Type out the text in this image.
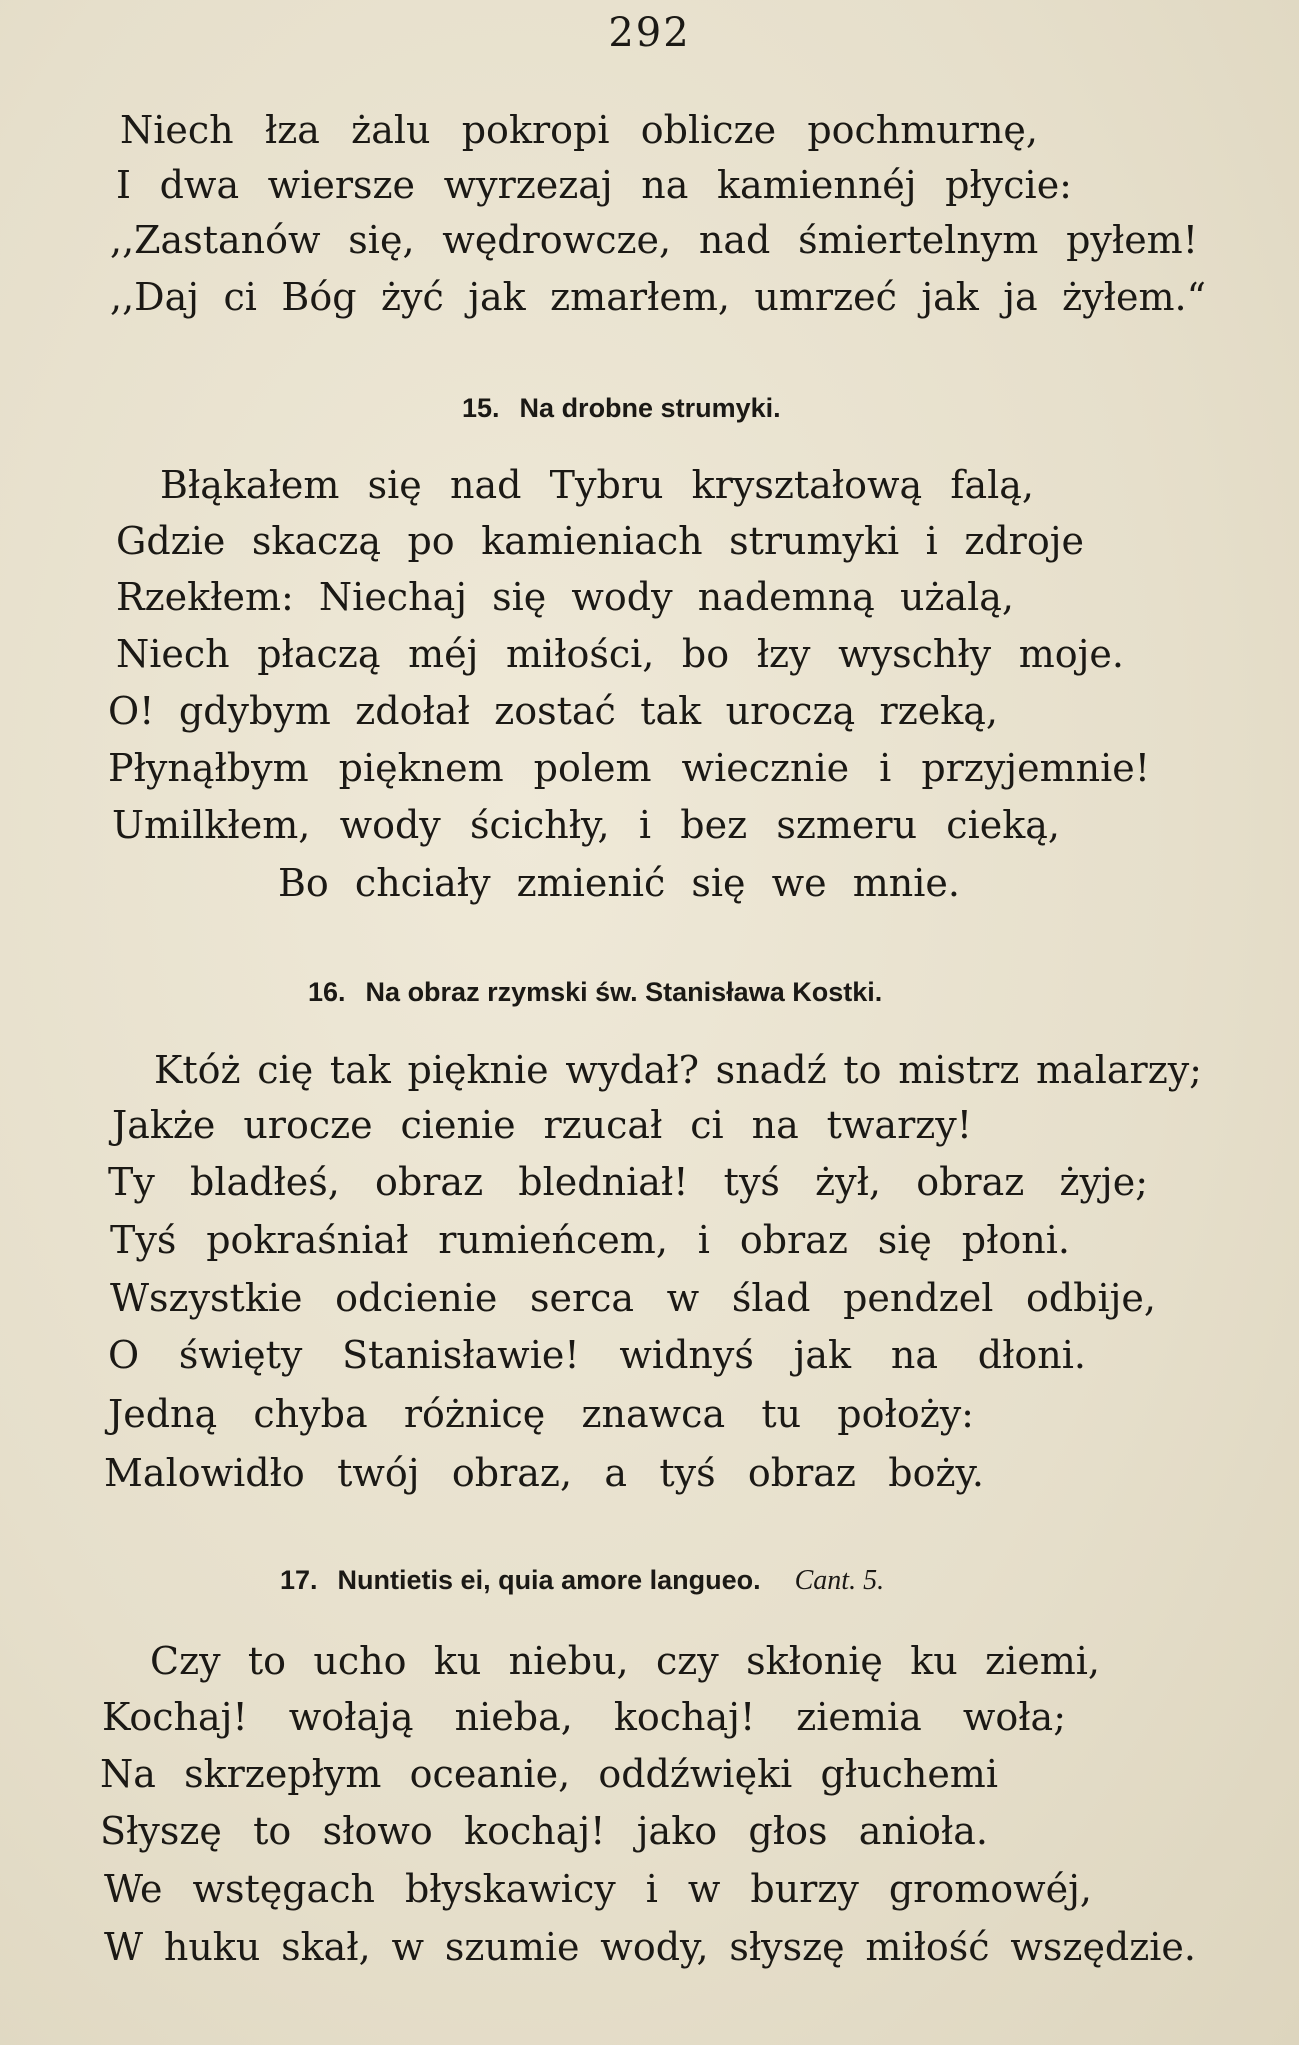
292
Niech łza żalu pokropi oblicze pochmurnę,
I dwa wiersze wyrzezaj na kamiennéj płycie:
,,Zastanów się, wędrowcze, nad śmiertelnym pyłem!
,,Daj ci Bóg żyć jak zmarłem, umrzeć jak ja żyłem.“
15. Na drobne strumyki.
Błąkałem się nad Tybru kryształową falą,
Gdzie skaczą po kamieniach strumyki i zdroje
Rzekłem: Niechaj się wody nademną użalą,
Niech płaczą méj miłości, bo łzy wyschły moje.
O! gdybym zdołał zostać tak uroczą rzeką,
Płynąłbym pięknem polem wiecznie i przyjemnie!
Umilkłem, wody ścichły, i bez szmeru cieką,
Bo chciały zmienić się we mnie.
16. Na obraz rzymski św. Stanisława Kostki.
Któż cię tak pięknie wydał? snadź to mistrz malarzy;
Jakże urocze cienie rzucał ci na twarzy!
Ty bladłeś, obraz bledniał! tyś żył, obraz żyje;
Tyś pokraśniał rumieńcem, i obraz się płoni.
Wszystkie odcienie serca w ślad pendzel odbije,
O święty Stanisławie! widnyś jak na dłoni.
Jedną chyba różnicę znawca tu położy:
Malowidło twój obraz, a tyś obraz boży.
17. Nuntietis ei, quia amore langueo. Cant. 5.
Czy to ucho ku niebu, czy skłonię ku ziemi,
Kochaj! wołają nieba, kochaj! ziemia woła;
Na skrzepłym oceanie, oddźwięki głuchemi
Słyszę to słowo kochaj! jako głos anioła.
We wstęgach błyskawicy i w burzy gromowéj,
W huku skał, w szumie wody, słyszę miłość wszędzie.
